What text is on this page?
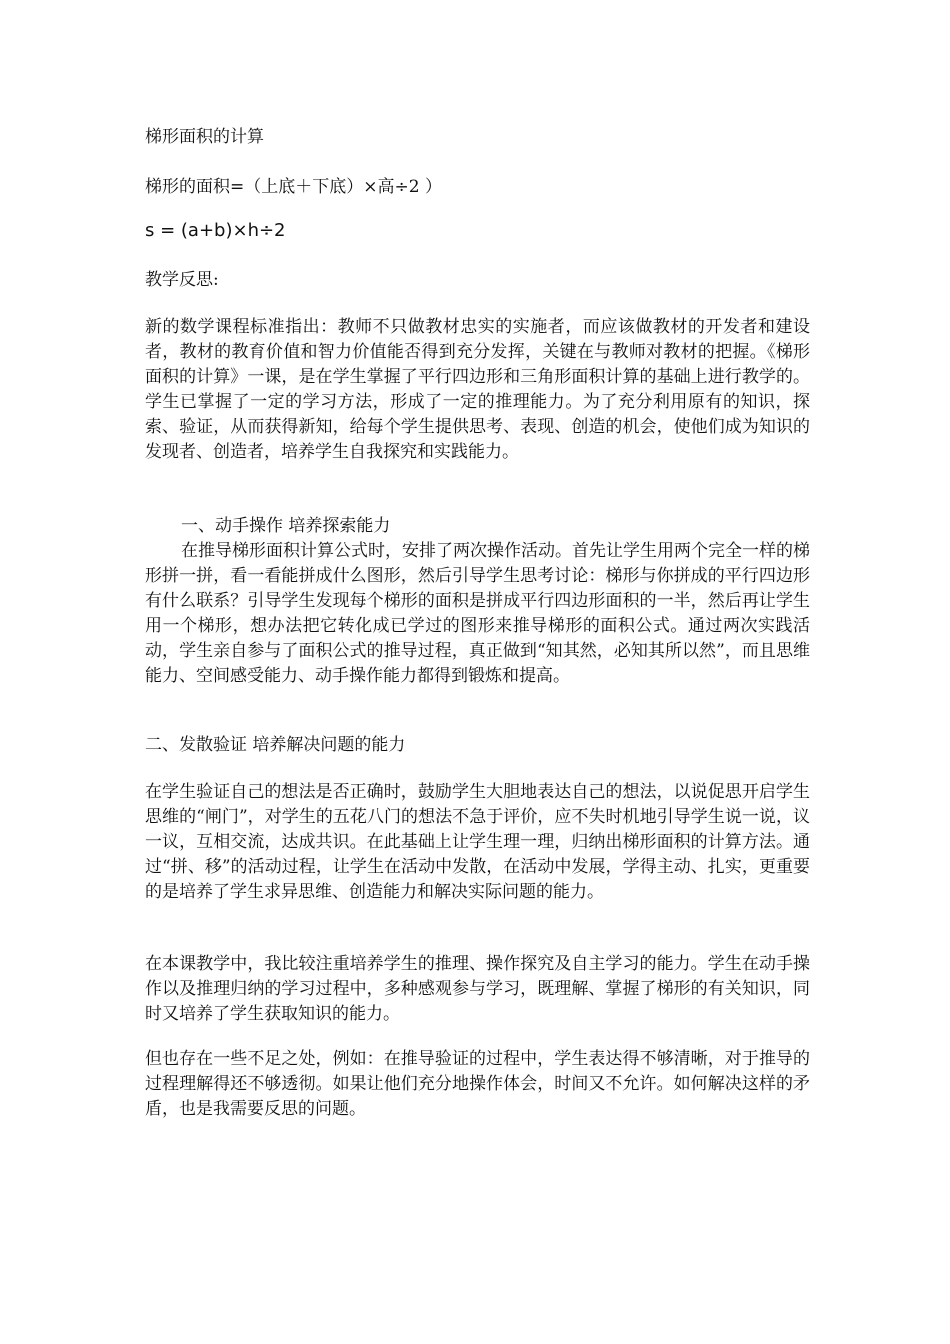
梯形面积的计算

梯形的面积=（上底＋下底）×高÷2 ）

s = (a+b)×h÷2

教学反思:

新的数学课程标准指出：教师不只做教材忠实的实施者，而应该做教材的开发者和建设者，教材的教育价值和智力价值能否得到充分发挥，关键在与教师对教材的把握。《梯形面积的计算》一课，是在学生掌握了平行四边形和三角形面积计算的基础上进行教学的。学生已掌握了一定的学习方法，形成了一定的推理能力。为了充分利用原有的知识，探索、验证，从而获得新知，给每个学生提供思考、表现、创造的机会，使他们成为知识的发现者、创造者，培养学生自我探究和实践能力。

一、动手操作 培养探索能力

在推导梯形面积计算公式时，安排了两次操作活动。首先让学生用两个完全一样的梯形拼一拼，看一看能拼成什么图形，然后引导学生思考讨论：梯形与你拼成的平行四边形有什么联系？引导学生发现每个梯形的面积是拼成平行四边形面积的一半，然后再让学生用一个梯形，想办法把它转化成已学过的图形来推导梯形的面积公式。通过两次实践活动，学生亲自参与了面积公式的推导过程，真正做到“知其然，必知其所以然”，而且思维能力、空间感受能力、动手操作能力都得到锻炼和提高。

二、发散验证 培养解决问题的能力

在学生验证自己的想法是否正确时，鼓励学生大胆地表达自己的想法，以说促思开启学生思维的“闸门”，对学生的五花八门的想法不急于评价，应不失时机地引导学生说一说，议一议，互相交流，达成共识。在此基础上让学生理一理，归纳出梯形面积的计算方法。通过“拼、移”的活动过程，让学生在活动中发散，在活动中发展，学得主动、扎实，更重要的是培养了学生求异思维、创造能力和解决实际问题的能力。

在本课教学中，我比较注重培养学生的推理、操作探究及自主学习的能力。学生在动手操作以及推理归纳的学习过程中，多种感观参与学习，既理解、掌握了梯形的有关知识，同时又培养了学生获取知识的能力。

但也存在一些不足之处，例如：在推导验证的过程中，学生表达得不够清晰，对于推导的过程理解得还不够透彻。如果让他们充分地操作体会，时间又不允许。如何解决这样的矛盾，也是我需要反思的问题。
